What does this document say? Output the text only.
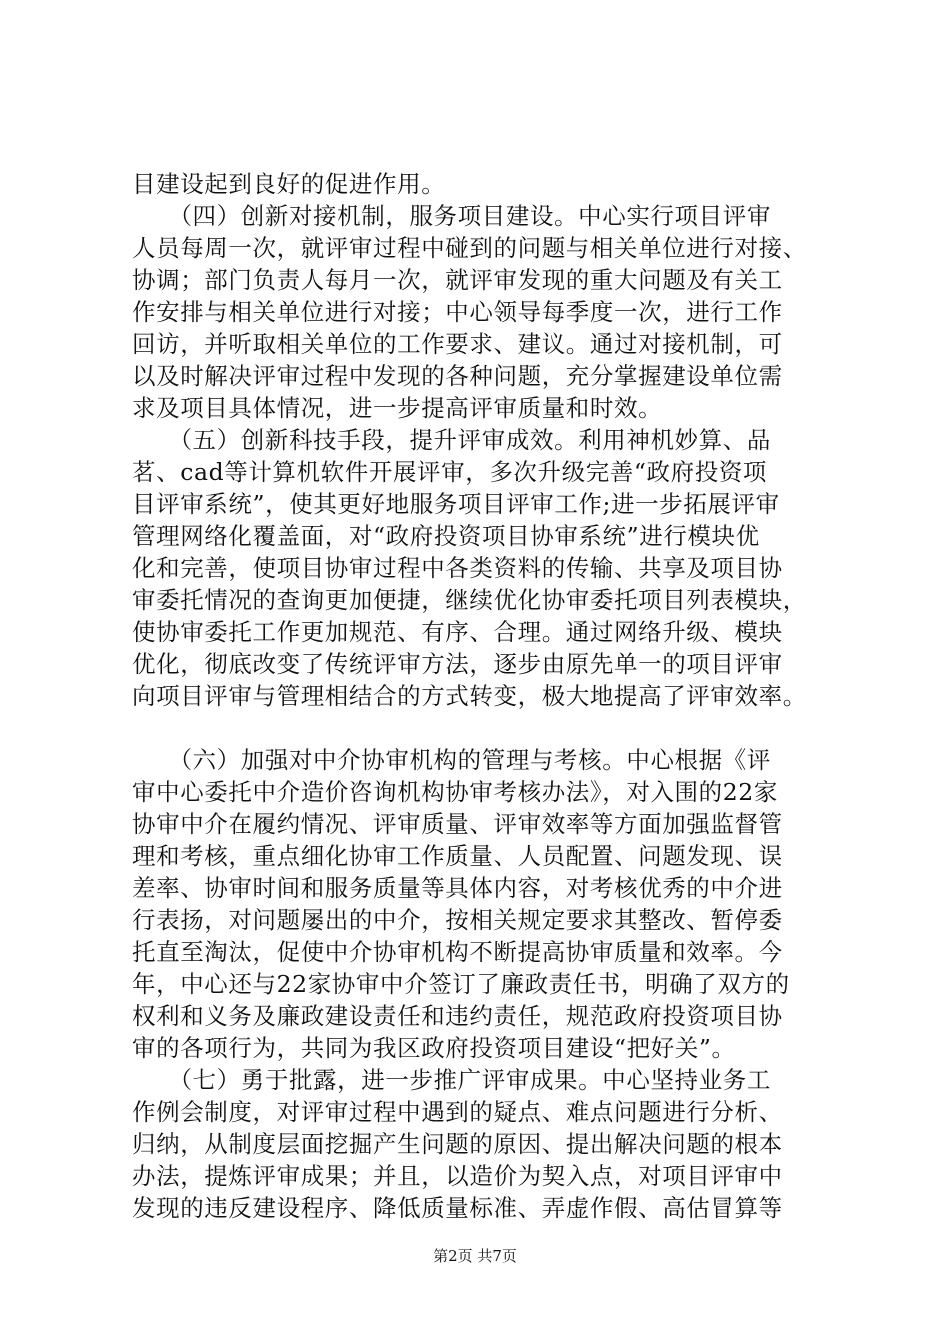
目建设起到良好的促进作用。
　　（四）创新对接机制，服务项目建设。中心实行项目评审
人员每周一次，就评审过程中碰到的问题与相关单位进行对接、
协调；部门负责人每月一次，就评审发现的重大问题及有关工
作安排与相关单位进行对接；中心领导每季度一次，进行工作
回访，并听取相关单位的工作要求、建议。通过对接机制，可
以及时解决评审过程中发现的各种问题，充分掌握建设单位需
求及项目具体情况，进一步提高评审质量和时效。
　　（五）创新科技手段，提升评审成效。利用神机妙算、品
茗、cad等计算机软件开展评审，多次升级完善“政府投资项
目评审系统”，使其更好地服务项目评审工作;进一步拓展评审
管理网络化覆盖面，对“政府投资项目协审系统”进行模块优
化和完善，使项目协审过程中各类资料的传输、共享及项目协
审委托情况的查询更加便捷，继续优化协审委托项目列表模块，
使协审委托工作更加规范、有序、合理。通过网络升级、模块
优化，彻底改变了传统评审方法，逐步由原先单一的项目评审
向项目评审与管理相结合的方式转变，极大地提高了评审效率。
　　（六）加强对中介协审机构的管理与考核。中心根据《评
审中心委托中介造价咨询机构协审考核办法》，对入围的22家
协审中介在履约情况、评审质量、评审效率等方面加强监督管
理和考核，重点细化协审工作质量、人员配置、问题发现、误
差率、协审时间和服务质量等具体内容，对考核优秀的中介进
行表扬，对问题屡出的中介，按相关规定要求其整改、暂停委
托直至淘汰，促使中介协审机构不断提高协审质量和效率。今
年，中心还与22家协审中介签订了廉政责任书，明确了双方的
权利和义务及廉政建设责任和违约责任，规范政府投资项目协
审的各项行为，共同为我区政府投资项目建设“把好关”。
　　（七）勇于批露，进一步推广评审成果。中心坚持业务工
作例会制度，对评审过程中遇到的疑点、难点问题进行分析、
归纳，从制度层面挖掘产生问题的原因、提出解决问题的根本
办法，提炼评审成果；并且，以造价为契入点，对项目评审中
发现的违反建设程序、降低质量标准、弄虚作假、高估冒算等
第2页 共7页
